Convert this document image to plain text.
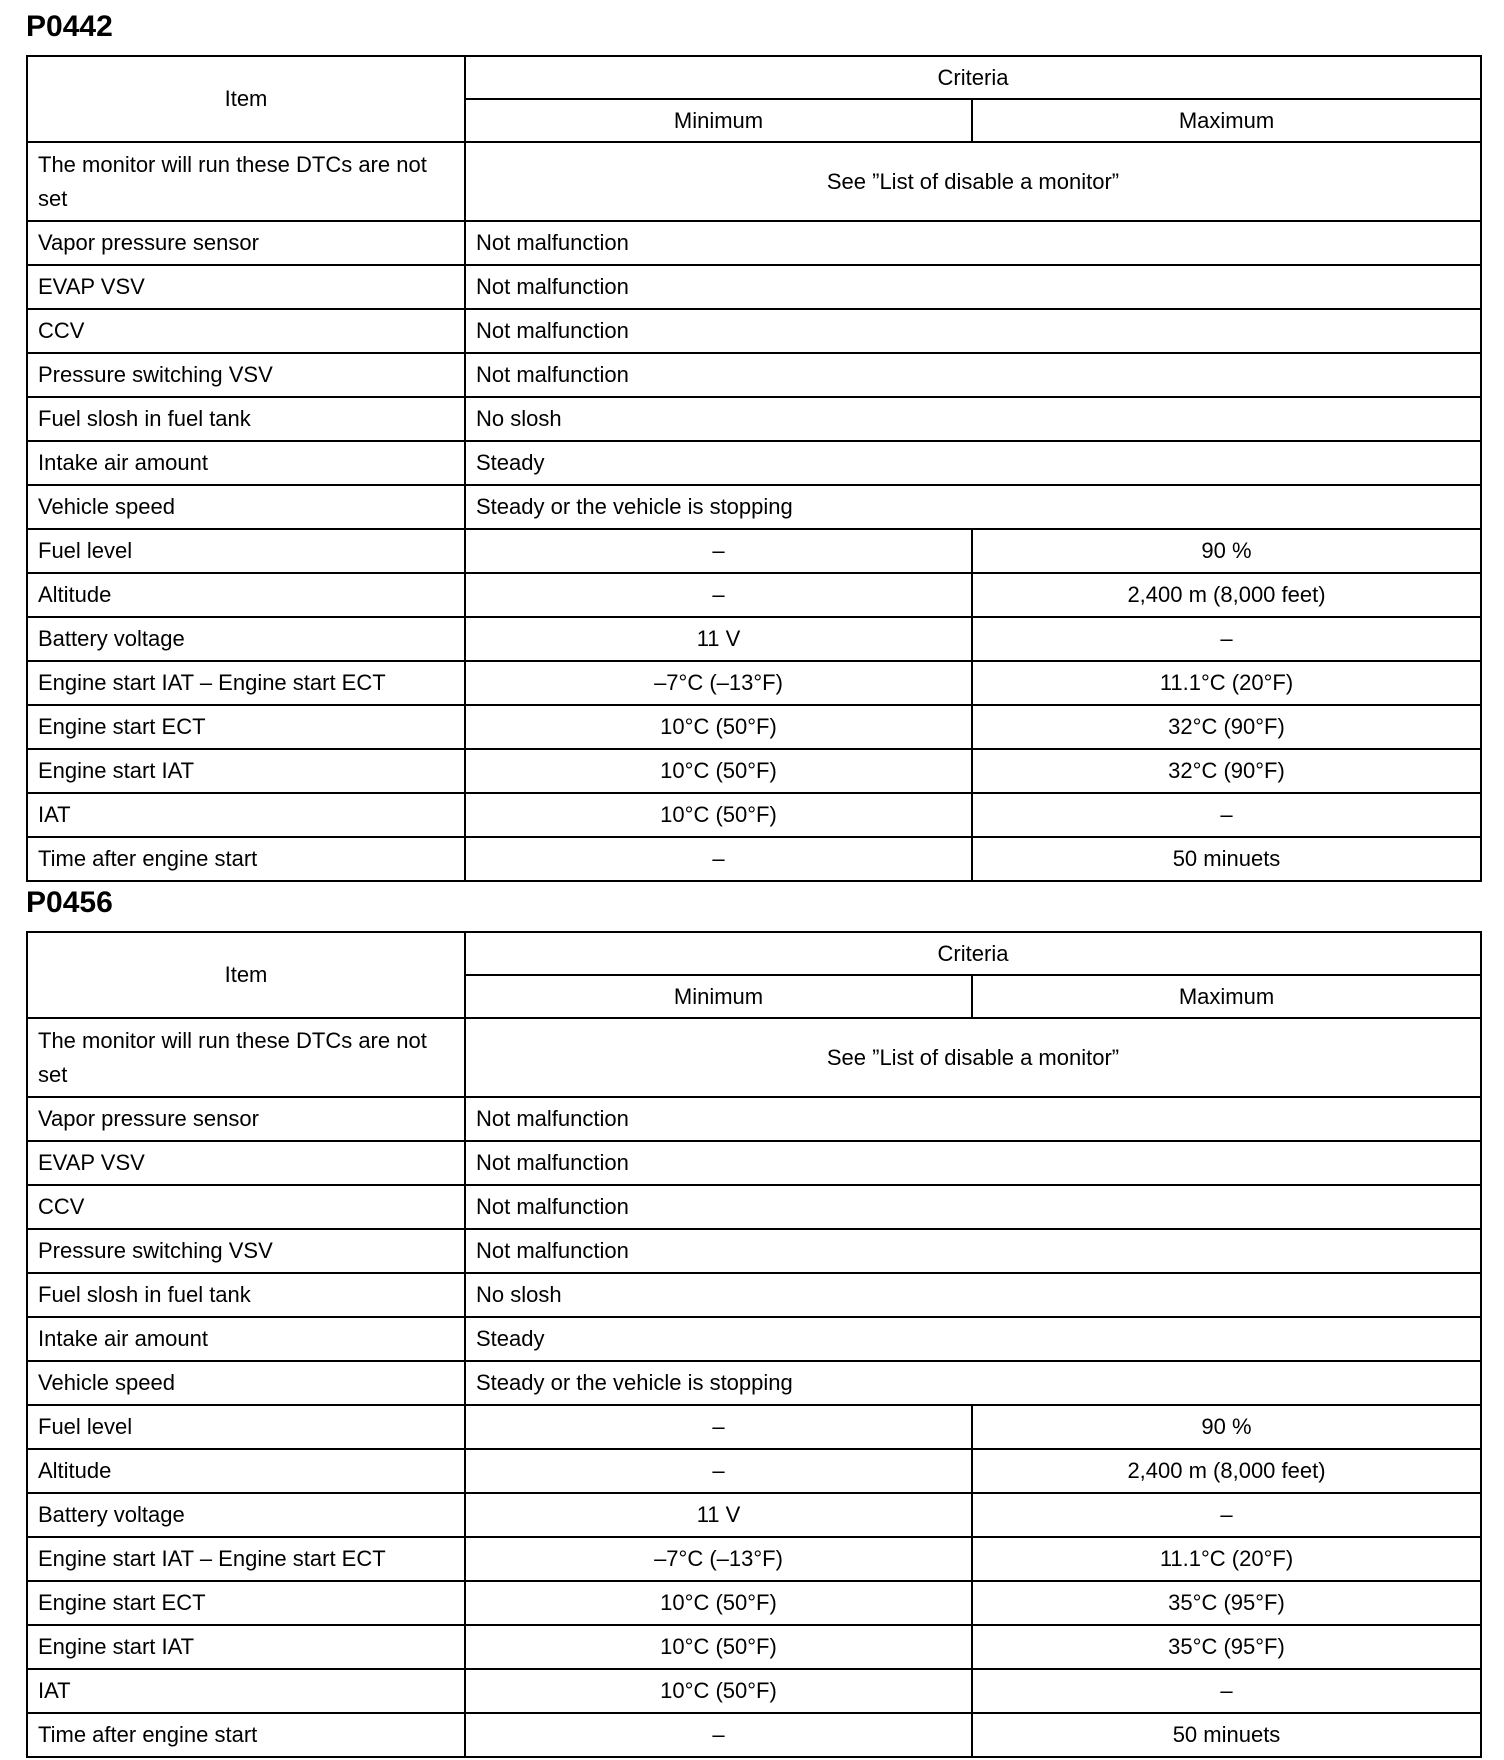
P0442
Item	Criteria	
	Minimum	Maximum
The monitor will run these DTCs are not set	See ”List of disable a monitor”	
Vapor pressure sensor	Not malfunction	
EVAP VSV	Not malfunction	
CCV	Not malfunction	
Pressure switching VSV	Not malfunction	
Fuel slosh in fuel tank	No slosh	
Intake air amount	Steady	
Vehicle speed	Steady or the vehicle is stopping	
Fuel level	–	90 %
Altitude	–	2,400 m (8,000 feet)
Battery voltage	11 V	–
Engine start IAT – Engine start ECT	–7°C (–13°F)	11.1°C (20°F)
Engine start ECT	10°C (50°F)	32°C (90°F)
Engine start IAT	10°C (50°F)	32°C (90°F)
IAT	10°C (50°F)	–
Time after engine start	–	50 minuets
P0456
Item	Criteria	
	Minimum	Maximum
The monitor will run these DTCs are not set	See ”List of disable a monitor”	
Vapor pressure sensor	Not malfunction	
EVAP VSV	Not malfunction	
CCV	Not malfunction	
Pressure switching VSV	Not malfunction	
Fuel slosh in fuel tank	No slosh	
Intake air amount	Steady	
Vehicle speed	Steady or the vehicle is stopping	
Fuel level	–	90 %
Altitude	–	2,400 m (8,000 feet)
Battery voltage	11 V	–
Engine start IAT – Engine start ECT	–7°C (–13°F)	11.1°C (20°F)
Engine start ECT	10°C (50°F)	35°C (95°F)
Engine start IAT	10°C (50°F)	35°C (95°F)
IAT	10°C (50°F)	–
Time after engine start	–	50 minuets
